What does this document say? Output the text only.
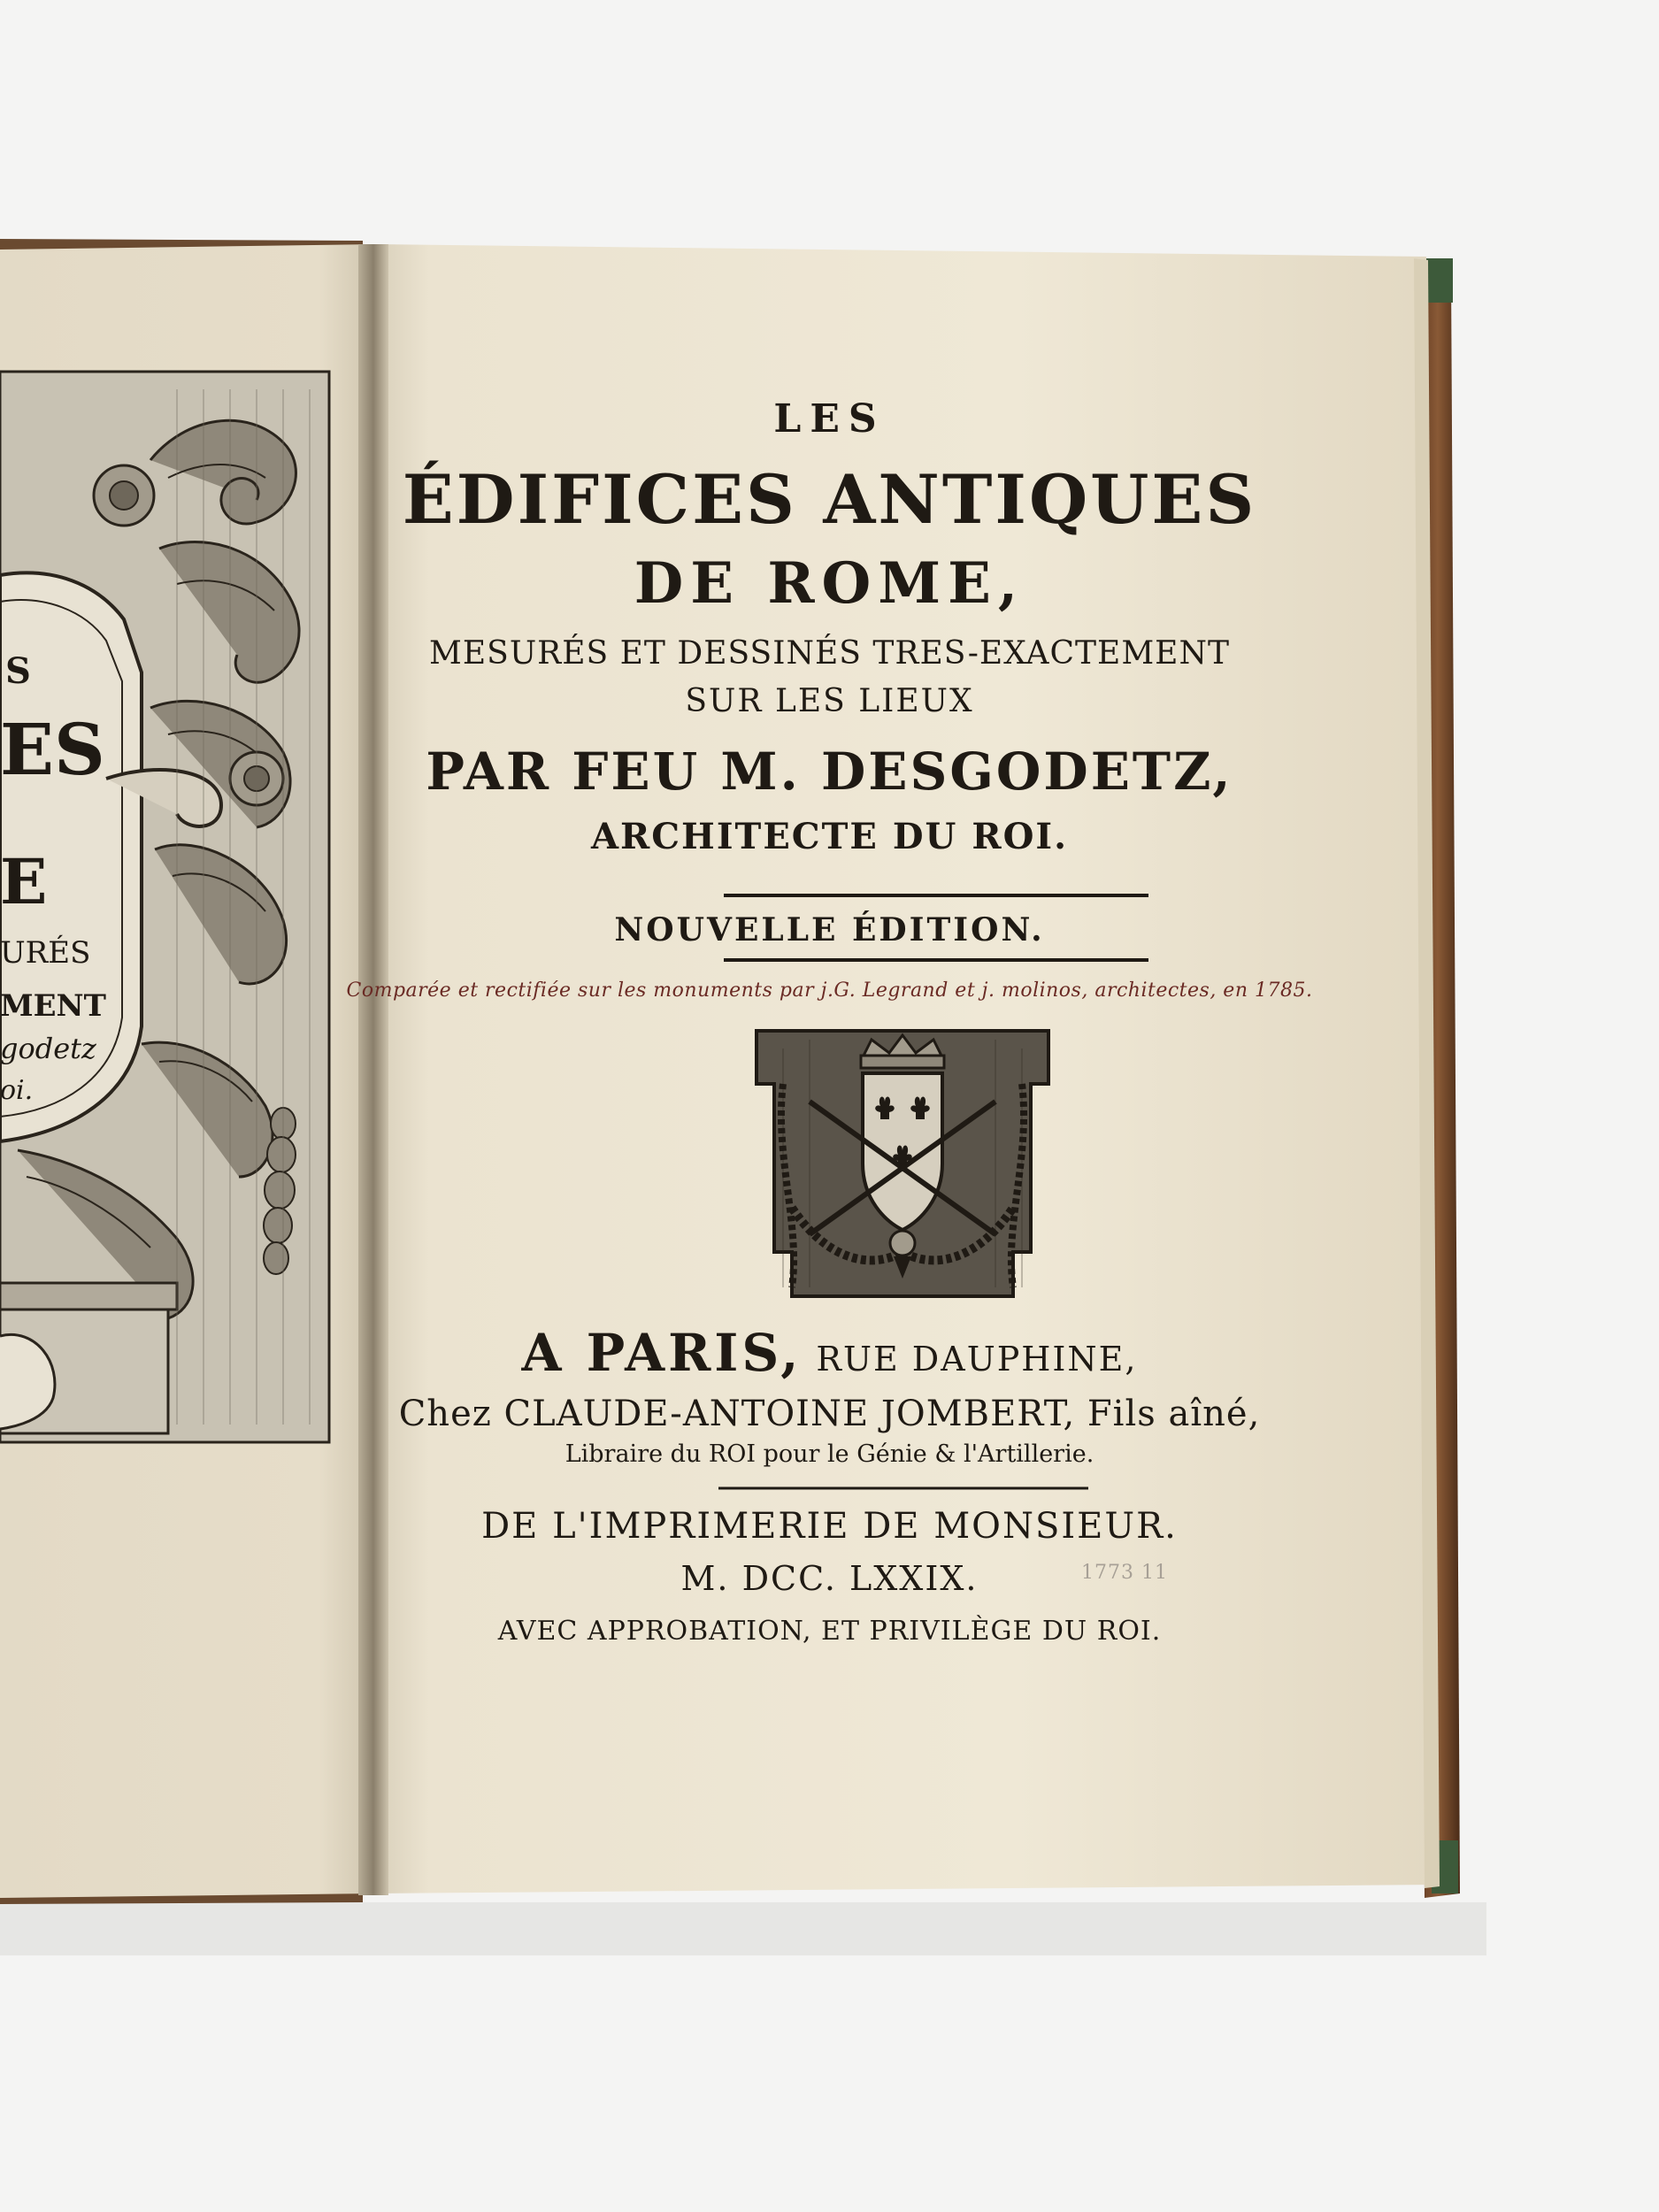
S
ES
E
URÉS
MENT
godetz
oi.
LES
ÉDIFICES ANTIQUES
DE ROME,
MESURÉS ET DESSINÉS TRES-EXACTEMENT
SUR LES LIEUX
PAR FEU M. DESGODETZ,
ARCHITECTE DU ROI.
NOUVELLE ÉDITION.
Comparée et rectifiée sur les monuments par j.G. Legrand et j. molinos, architectes, en 1785.
A PARIS, RUE DAUPHINE,
Chez CLAUDE-ANTOINE JOMBERT, Fils aîné,
Libraire du ROI pour le Génie & l'Artillerie.
DE L'IMPRIMERIE DE MONSIEUR.
M. DCC. LXXIX.	1773 11
AVEC APPROBATION, ET PRIVILÈGE DU ROI.
